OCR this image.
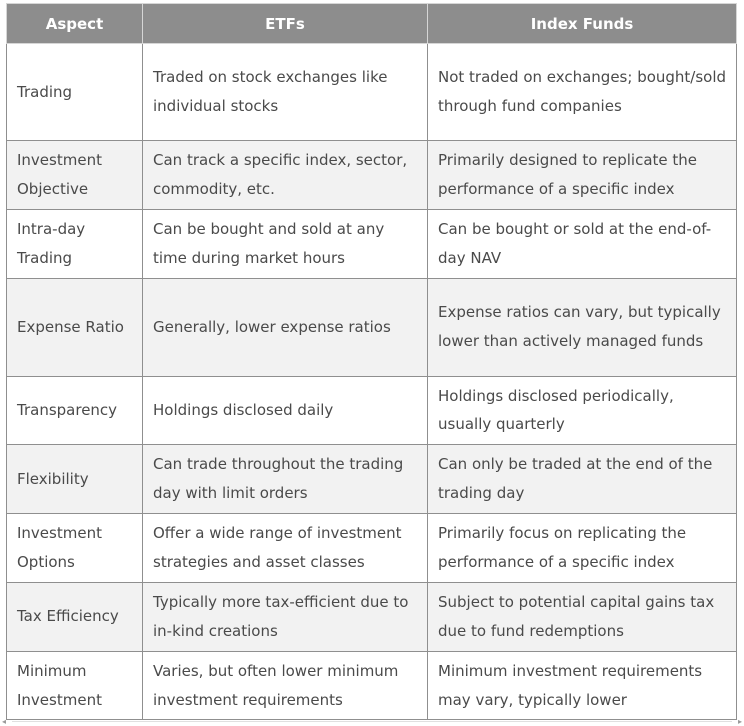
Aspect	ETFs	Index Funds
Trading	Traded on stock exchanges like individual stocks	Not traded on exchanges; bought/sold through fund companies
Investment Objective	Can track a specific index, sector, commodity, etc.	Primarily designed to replicate the performance of a specific index
Intra-day Trading	Can be bought and sold at any time during market hours	Can be bought or sold at the end-of-day NAV
Expense Ratio	Generally, lower expense ratios	Expense ratios can vary, but typically lower than actively managed funds
Transparency	Holdings disclosed daily	Holdings disclosed periodically, usually quarterly
Flexibility	Can trade throughout the trading day with limit orders	Can only be traded at the end of the trading day
Investment Options	Offer a wide range of investment strategies and asset classes	Primarily focus on replicating the performance of a specific index
Tax Efficiency	Typically more tax-efficient due to in-kind creations	Subject to potential capital gains tax due to fund redemptions
Minimum Investment	Varies, but often lower minimum investment requirements	Minimum investment requirements may vary, typically lower
◂	▸
